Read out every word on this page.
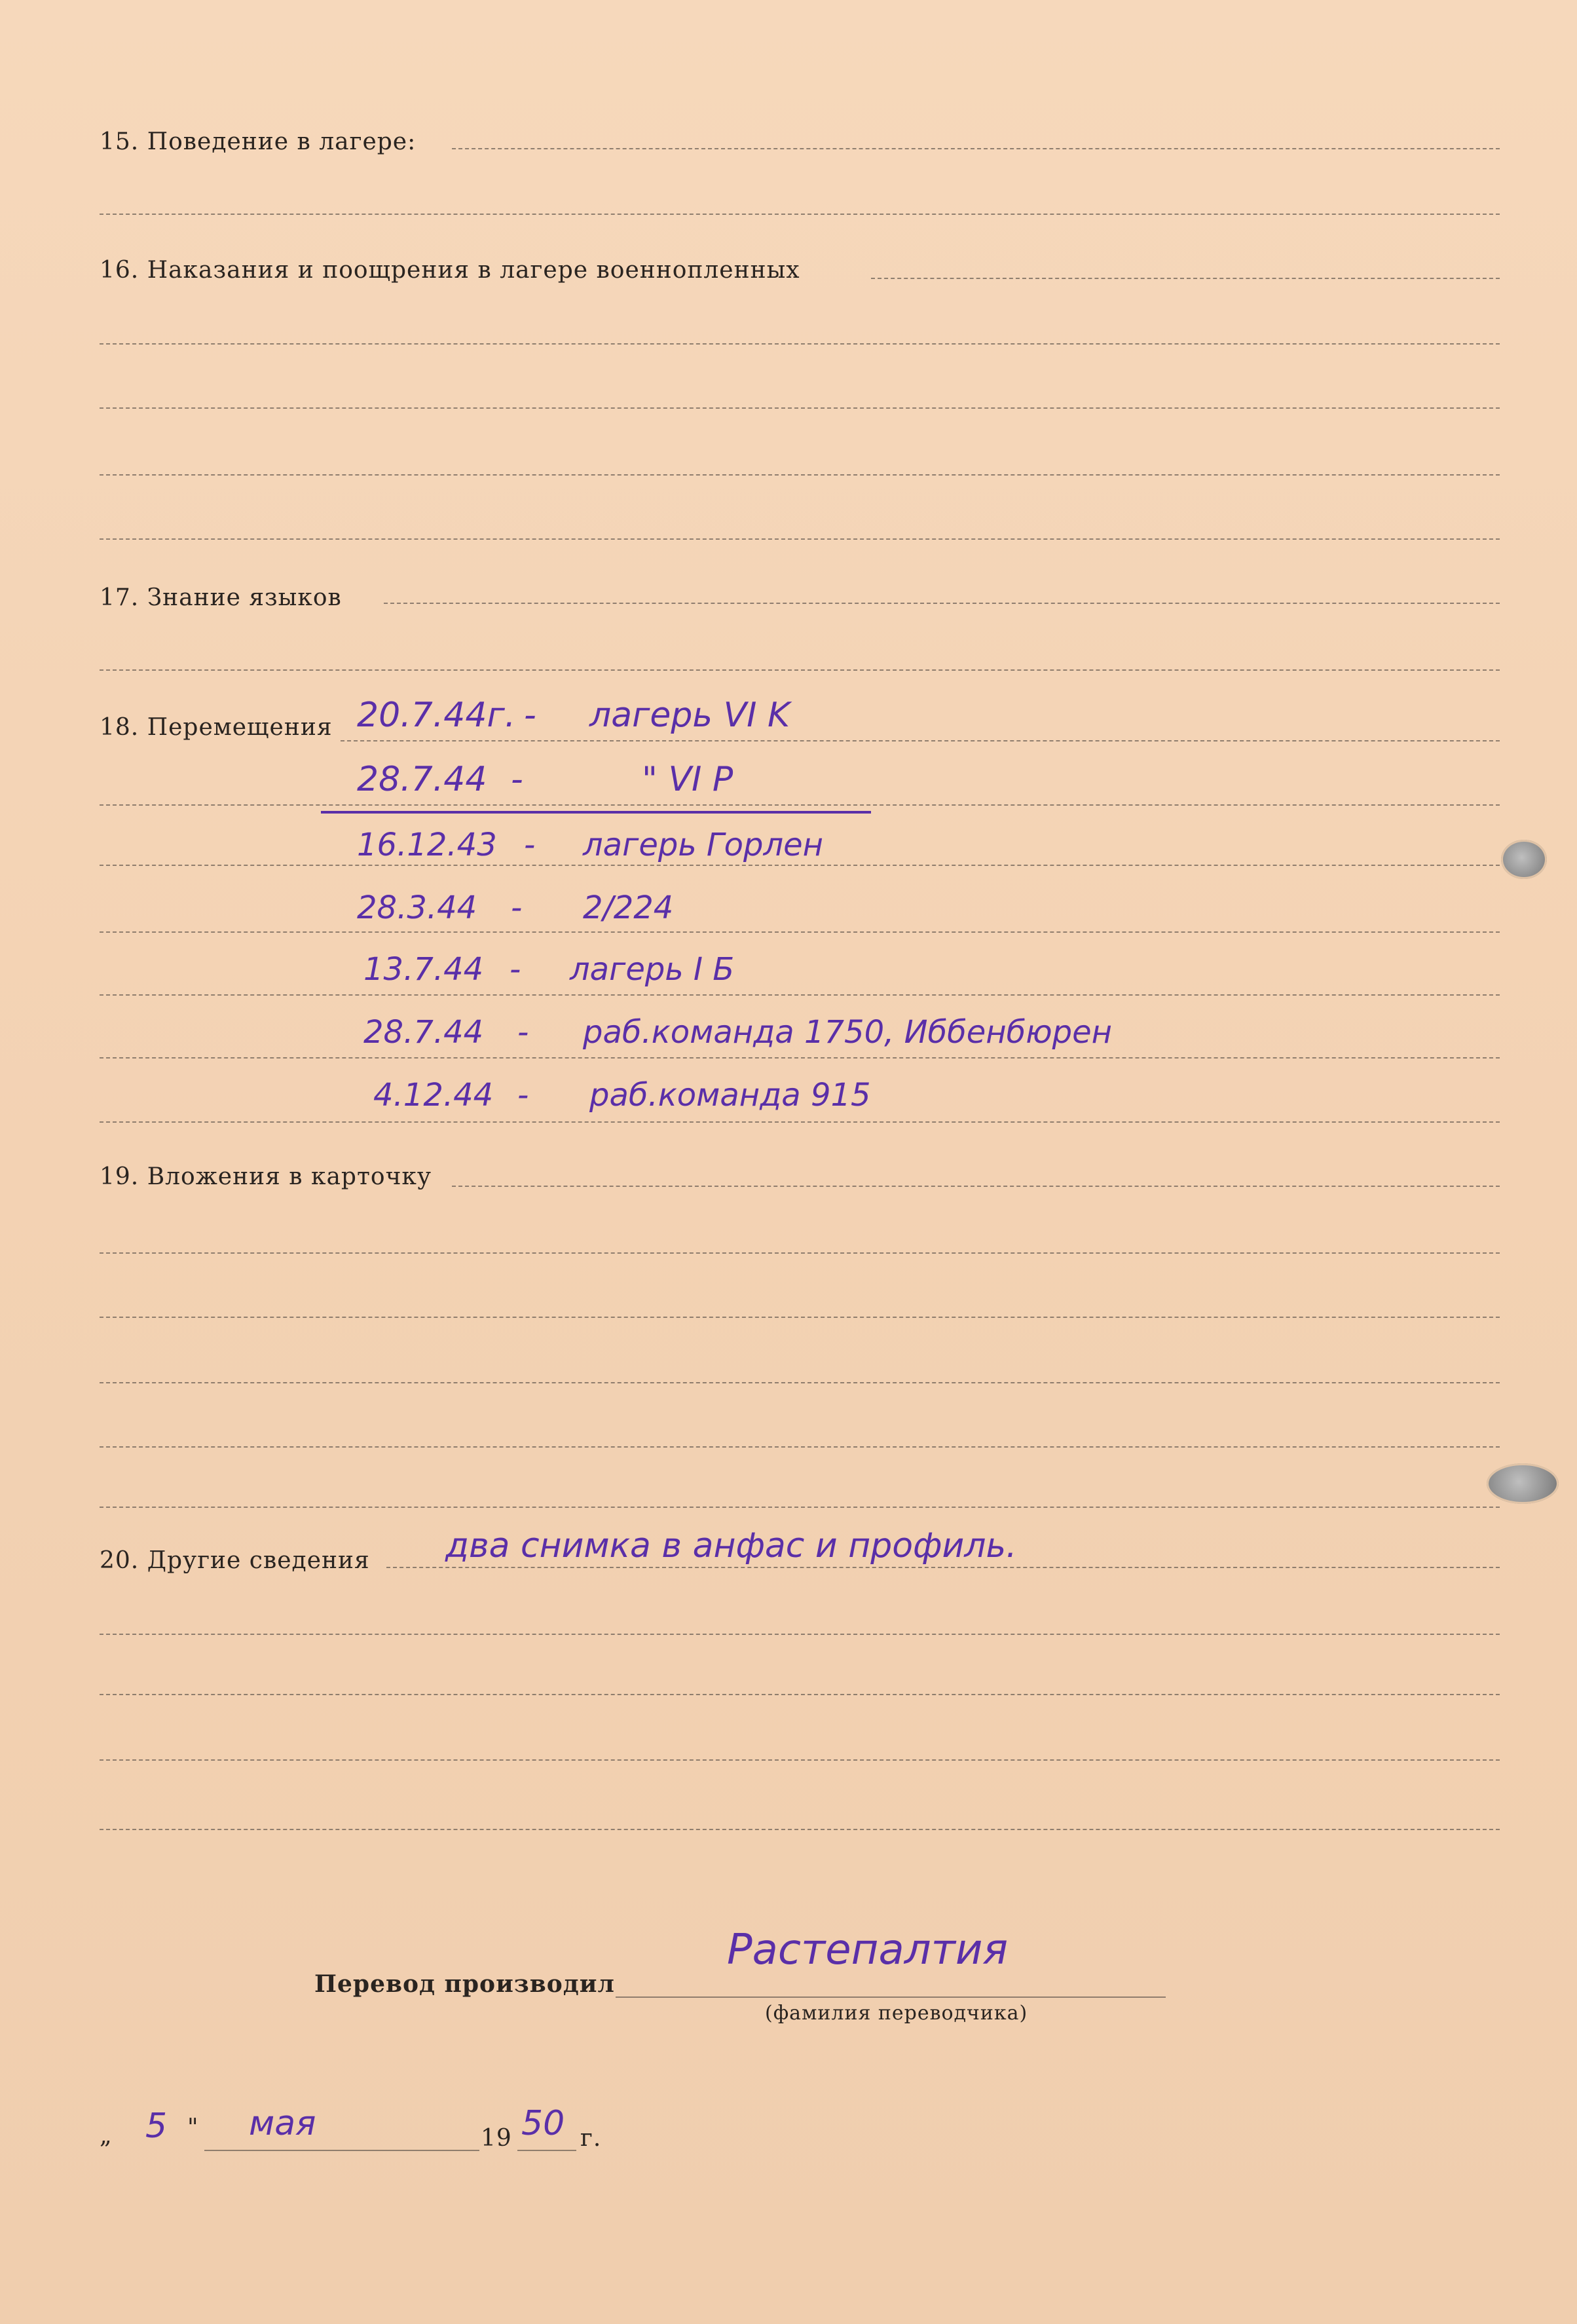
15. Поведение в лагере:
16. Наказания и поощрения в лагере военнопленных
17. Знание языков
18. Перемещения 20.7.44г. - лагерь VI K
28.7.44 -	" VI Р
16.12.43 - лагерь Горлен
28.3.44 - 2/224
13.7.44 - лагерь I Б
28.7.44 - раб.команда 1750, Иббенбюрен
4.12.44 - раб.команда 915
19. Вложения в карточку
20. Другие сведения два снимка в анфас и профиль.
Перевод производил
Растепалтия
(фамилия переводчика)
„ 5 " мая	19 50 г.
